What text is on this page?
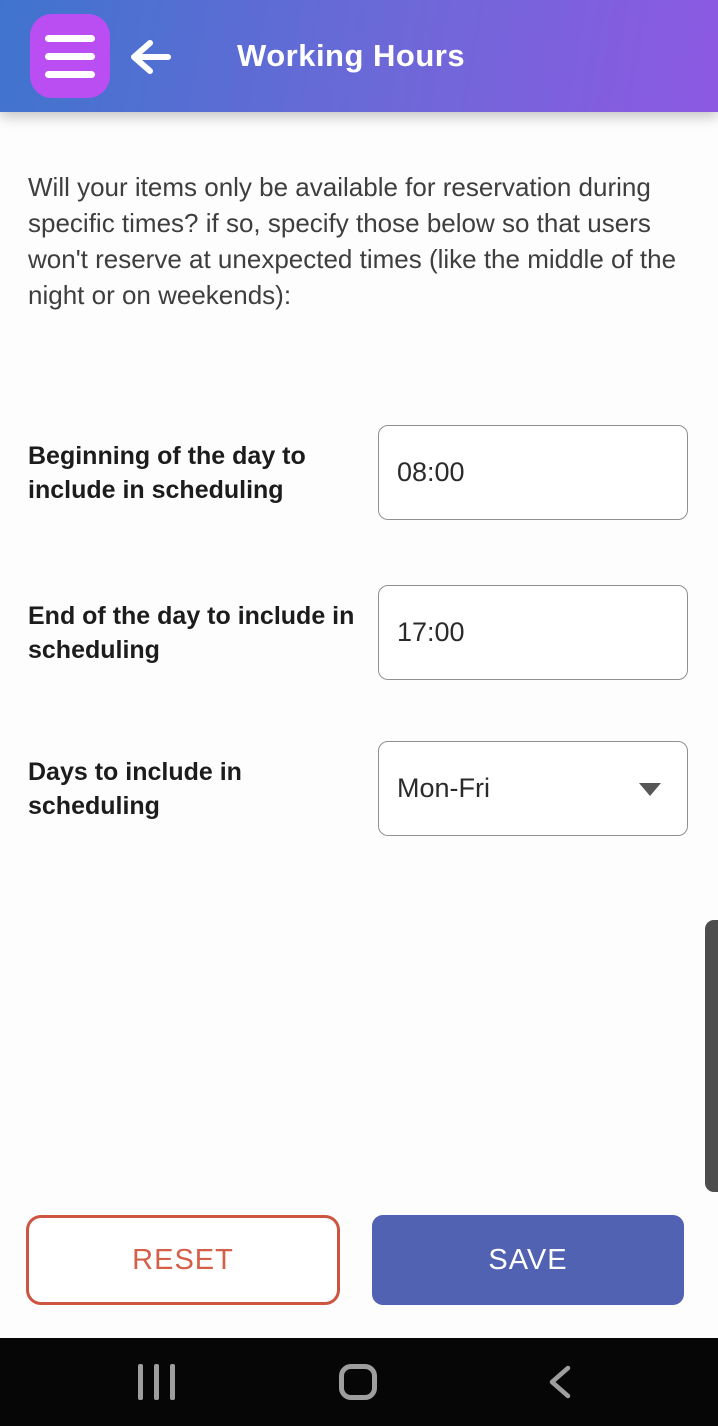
Working Hours

Will your items only be available for reservation during specific times? if so, specify those below so that users won't reserve at unexpected times (like the middle of the night or on weekends):

Beginning of the day to include in scheduling
08:00
End of the day to include in scheduling
17:00
Days to include in scheduling
Mon-Fri
RESET	SAVE
